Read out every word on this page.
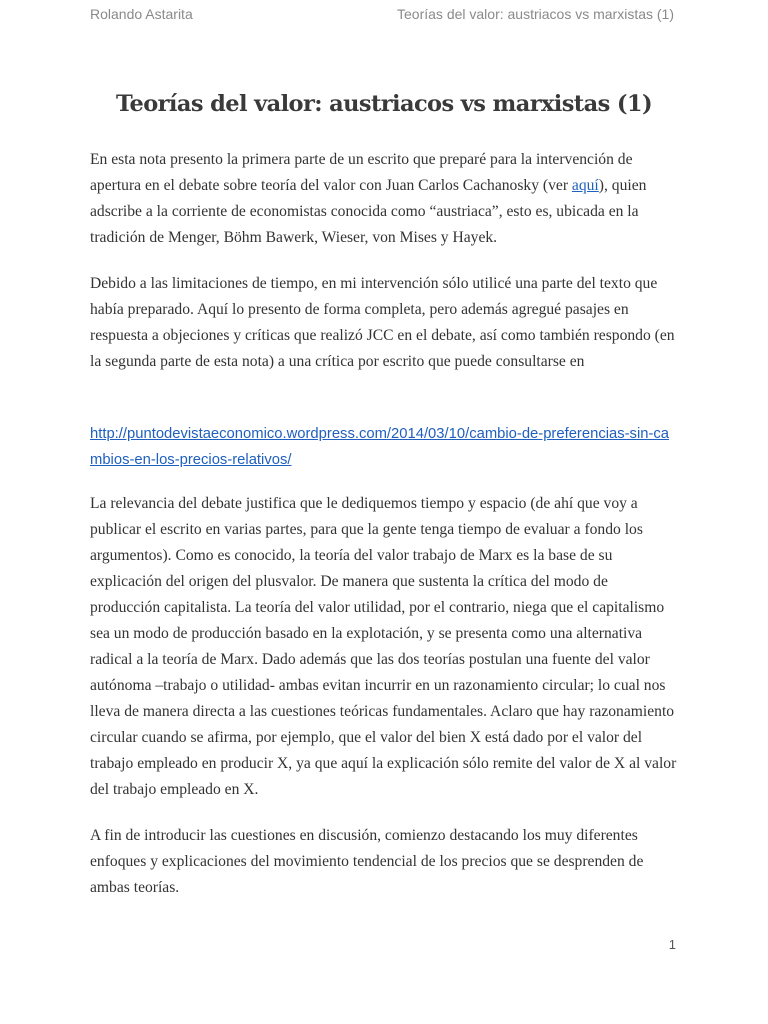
Rolando Astarita	Teorías del valor: austriacos vs marxistas (1)
Teorías del valor: austriacos vs marxistas (1)

En esta nota presento la primera parte de un escrito que preparé para la intervención de apertura en el debate sobre teoría del valor con Juan Carlos Cachanosky (ver aquí), quien adscribe a la corriente de economistas conocida como “austriaca”, esto es, ubicada en la tradición de Menger, Böhm Bawerk, Wieser, von Mises y Hayek.

Debido a las limitaciones de tiempo, en mi intervención sólo utilicé una parte del texto que había preparado. Aquí lo presento de forma completa, pero además agregué pasajes en respuesta a objeciones y críticas que realizó JCC en el debate, así como también respondo (en la segunda parte de esta nota) a una crítica por escrito que puede consultarse en

http://puntodevistaeconomico.wordpress.com/2014/03/10/cambio-de-preferencias-sin-cambios-en-los-precios-relativos/

La relevancia del debate justifica que le dediquemos tiempo y espacio (de ahí que voy a publicar el escrito en varias partes, para que la gente tenga tiempo de evaluar a fondo los argumentos). Como es conocido, la teoría del valor trabajo de Marx es la base de su explicación del origen del plusvalor. De manera que sustenta la crítica del modo de producción capitalista. La teoría del valor utilidad, por el contrario, niega que el capitalismo sea un modo de producción basado en la explotación, y se presenta como una alternativa radical a la teoría de Marx. Dado además que las dos teorías postulan una fuente del valor autónoma –trabajo o utilidad- ambas evitan incurrir en un razonamiento circular; lo cual nos lleva de manera directa a las cuestiones teóricas fundamentales. Aclaro que hay razonamiento circular cuando se afirma, por ejemplo, que el valor del bien X está dado por el valor del trabajo empleado en producir X, ya que aquí la explicación sólo remite del valor de X al valor del trabajo empleado en X.

A fin de introducir las cuestiones en discusión, comienzo destacando los muy diferentes enfoques y explicaciones del movimiento tendencial de los precios que se desprenden de ambas teorías.

1
